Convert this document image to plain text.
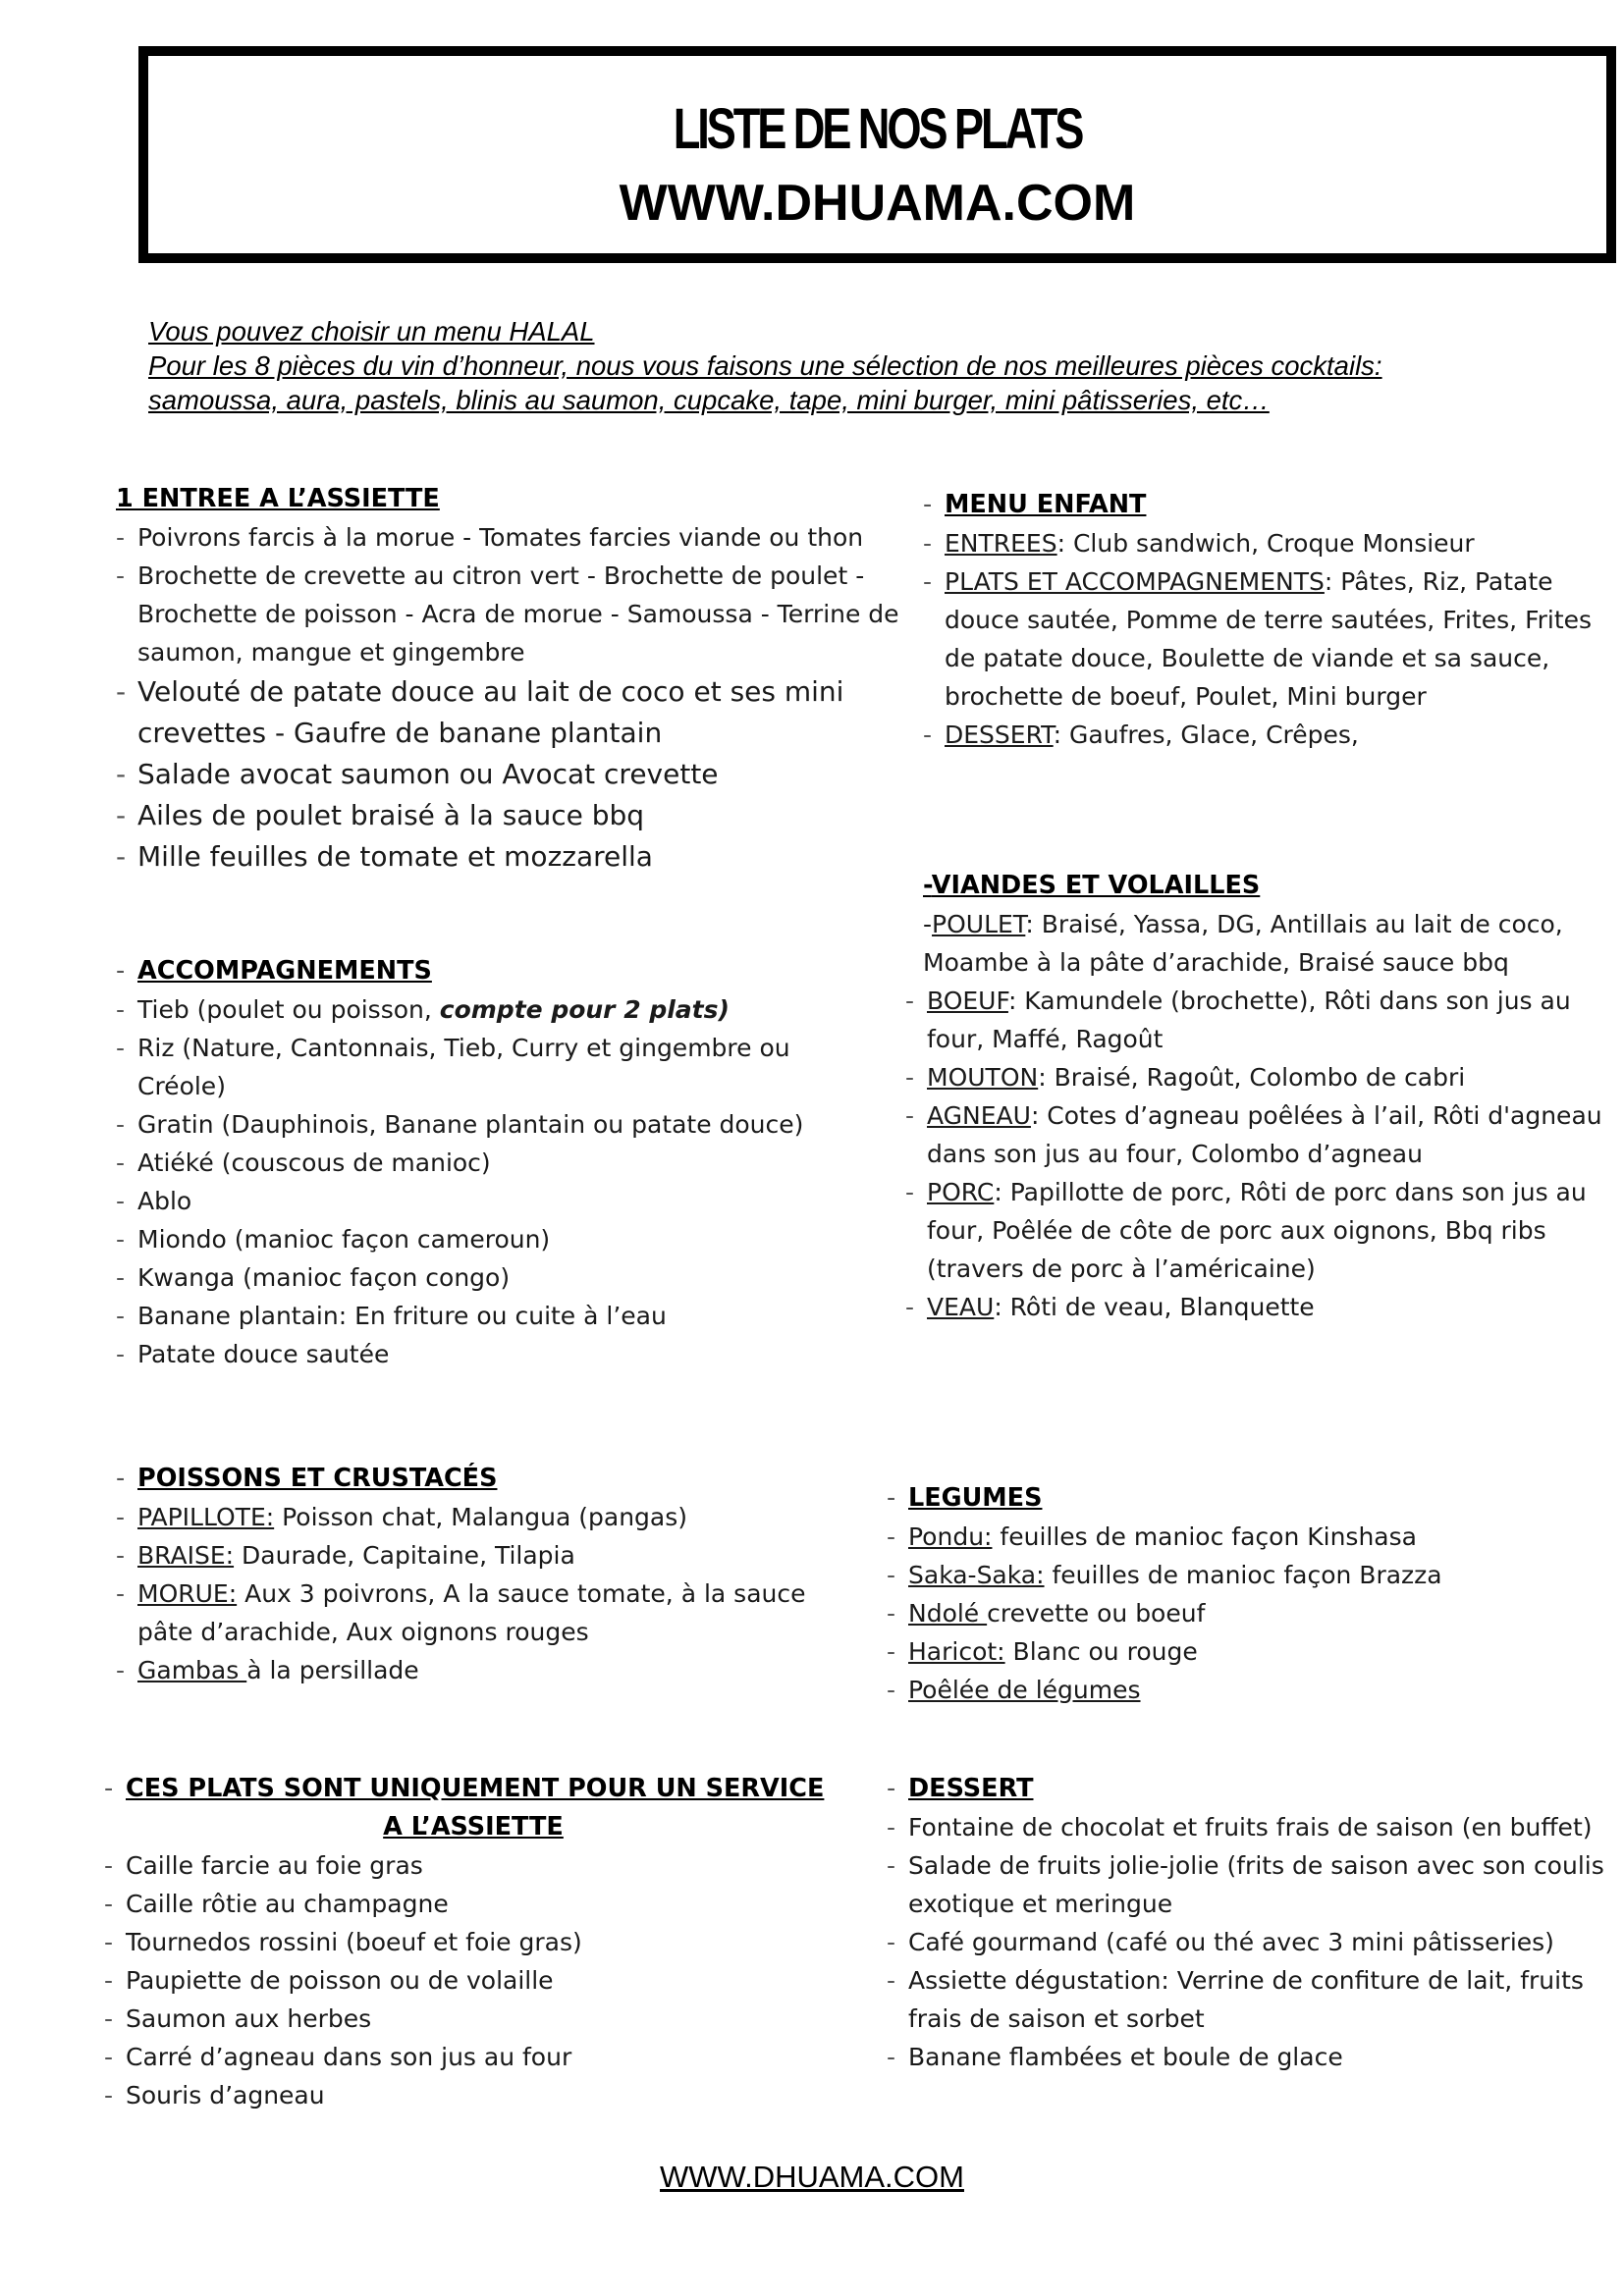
LISTE DE NOS PLATS
WWW.DHUAMA.COM
Vous pouvez choisir un menu HALAL
Pour les 8 pièces du vin d’honneur, nous vous faisons une sélection de nos meilleures pièces cocktails:
samoussa, aura, pastels, blinis au saumon, cupcake, tape, mini burger, mini pâtisseries, etc…
1 ENTREE A L’ASSIETTE
- Poivrons farcis à la morue - Tomates farcies viande ou thon
- Brochette de crevette au citron vert - Brochette de poulet - Brochette de poisson - Acra de morue - Samoussa - Terrine de saumon, mangue et gingembre
- Velouté de patate douce au lait de coco et ses mini crevettes - Gaufre de banane plantain
- Salade avocat saumon ou Avocat crevette
- Ailes de poulet braisé à la sauce bbq
- Mille feuilles de tomate et mozzarella
- ACCOMPAGNEMENTS
- Tieb (poulet ou poisson, compte pour 2 plats)
- Riz (Nature, Cantonnais, Tieb, Curry et gingembre ou Créole)
- Gratin (Dauphinois, Banane plantain ou patate douce)
- Atiéké (couscous de manioc)
- Ablo
- Miondo (manioc façon cameroun)
- Kwanga (manioc façon congo)
- Banane plantain: En friture ou cuite à l’eau
- Patate douce sautée
- POISSONS ET CRUSTACÉS
- PAPILLOTE: Poisson chat, Malangua (pangas)
- BRAISE: Daurade, Capitaine, Tilapia
- MORUE: Aux 3 poivrons, A la sauce tomate, à la sauce pâte d’arachide, Aux oignons rouges
- Gambas à la persillade
- CES PLATS SONT UNIQUEMENT POUR UN SERVICE
A L’ASSIETTE
- Caille farcie au foie gras
- Caille rôtie au champagne
- Tournedos rossini (boeuf et foie gras)
- Paupiette de poisson ou de volaille
- Saumon aux herbes
- Carré d’agneau dans son jus au four
- Souris d’agneau
- MENU ENFANT
- ENTREES: Club sandwich, Croque Monsieur
- PLATS ET ACCOMPAGNEMENTS: Pâtes, Riz, Patate douce sautée, Pomme de terre sautées, Frites, Frites de patate douce, Boulette de viande et sa sauce, brochette de boeuf, Poulet, Mini burger
- DESSERT: Gaufres, Glace, Crêpes,
-VIANDES ET VOLAILLES
-POULET: Braisé, Yassa, DG, Antillais au lait de coco, Moambe à la pâte d’arachide, Braisé sauce bbq
- BOEUF: Kamundele (brochette), Rôti dans son jus au four, Maffé, Ragoût
- MOUTON: Braisé, Ragoût, Colombo de cabri
- AGNEAU: Cotes d’agneau poêlées à l’ail, Rôti d'agneau dans son jus au four, Colombo d’agneau
- PORC: Papillotte de porc, Rôti de porc dans son jus au four, Poêlée de côte de porc aux oignons, Bbq ribs (travers de porc à l’américaine)
- VEAU: Rôti de veau, Blanquette
- LEGUMES
- Pondu: feuilles de manioc façon Kinshasa
- Saka-Saka: feuilles de manioc façon Brazza
- Ndolé crevette ou boeuf
- Haricot: Blanc ou rouge
- Poêlée de légumes
- DESSERT
- Fontaine de chocolat et fruits frais de saison (en buffet)
- Salade de fruits jolie-jolie (frits de saison avec son coulis exotique et meringue
- Café gourmand (café ou thé avec 3 mini pâtisseries)
- Assiette dégustation: Verrine de confiture de lait, fruits frais de saison et sorbet
- Banane flambées et boule de glace
WWW.DHUAMA.COM
